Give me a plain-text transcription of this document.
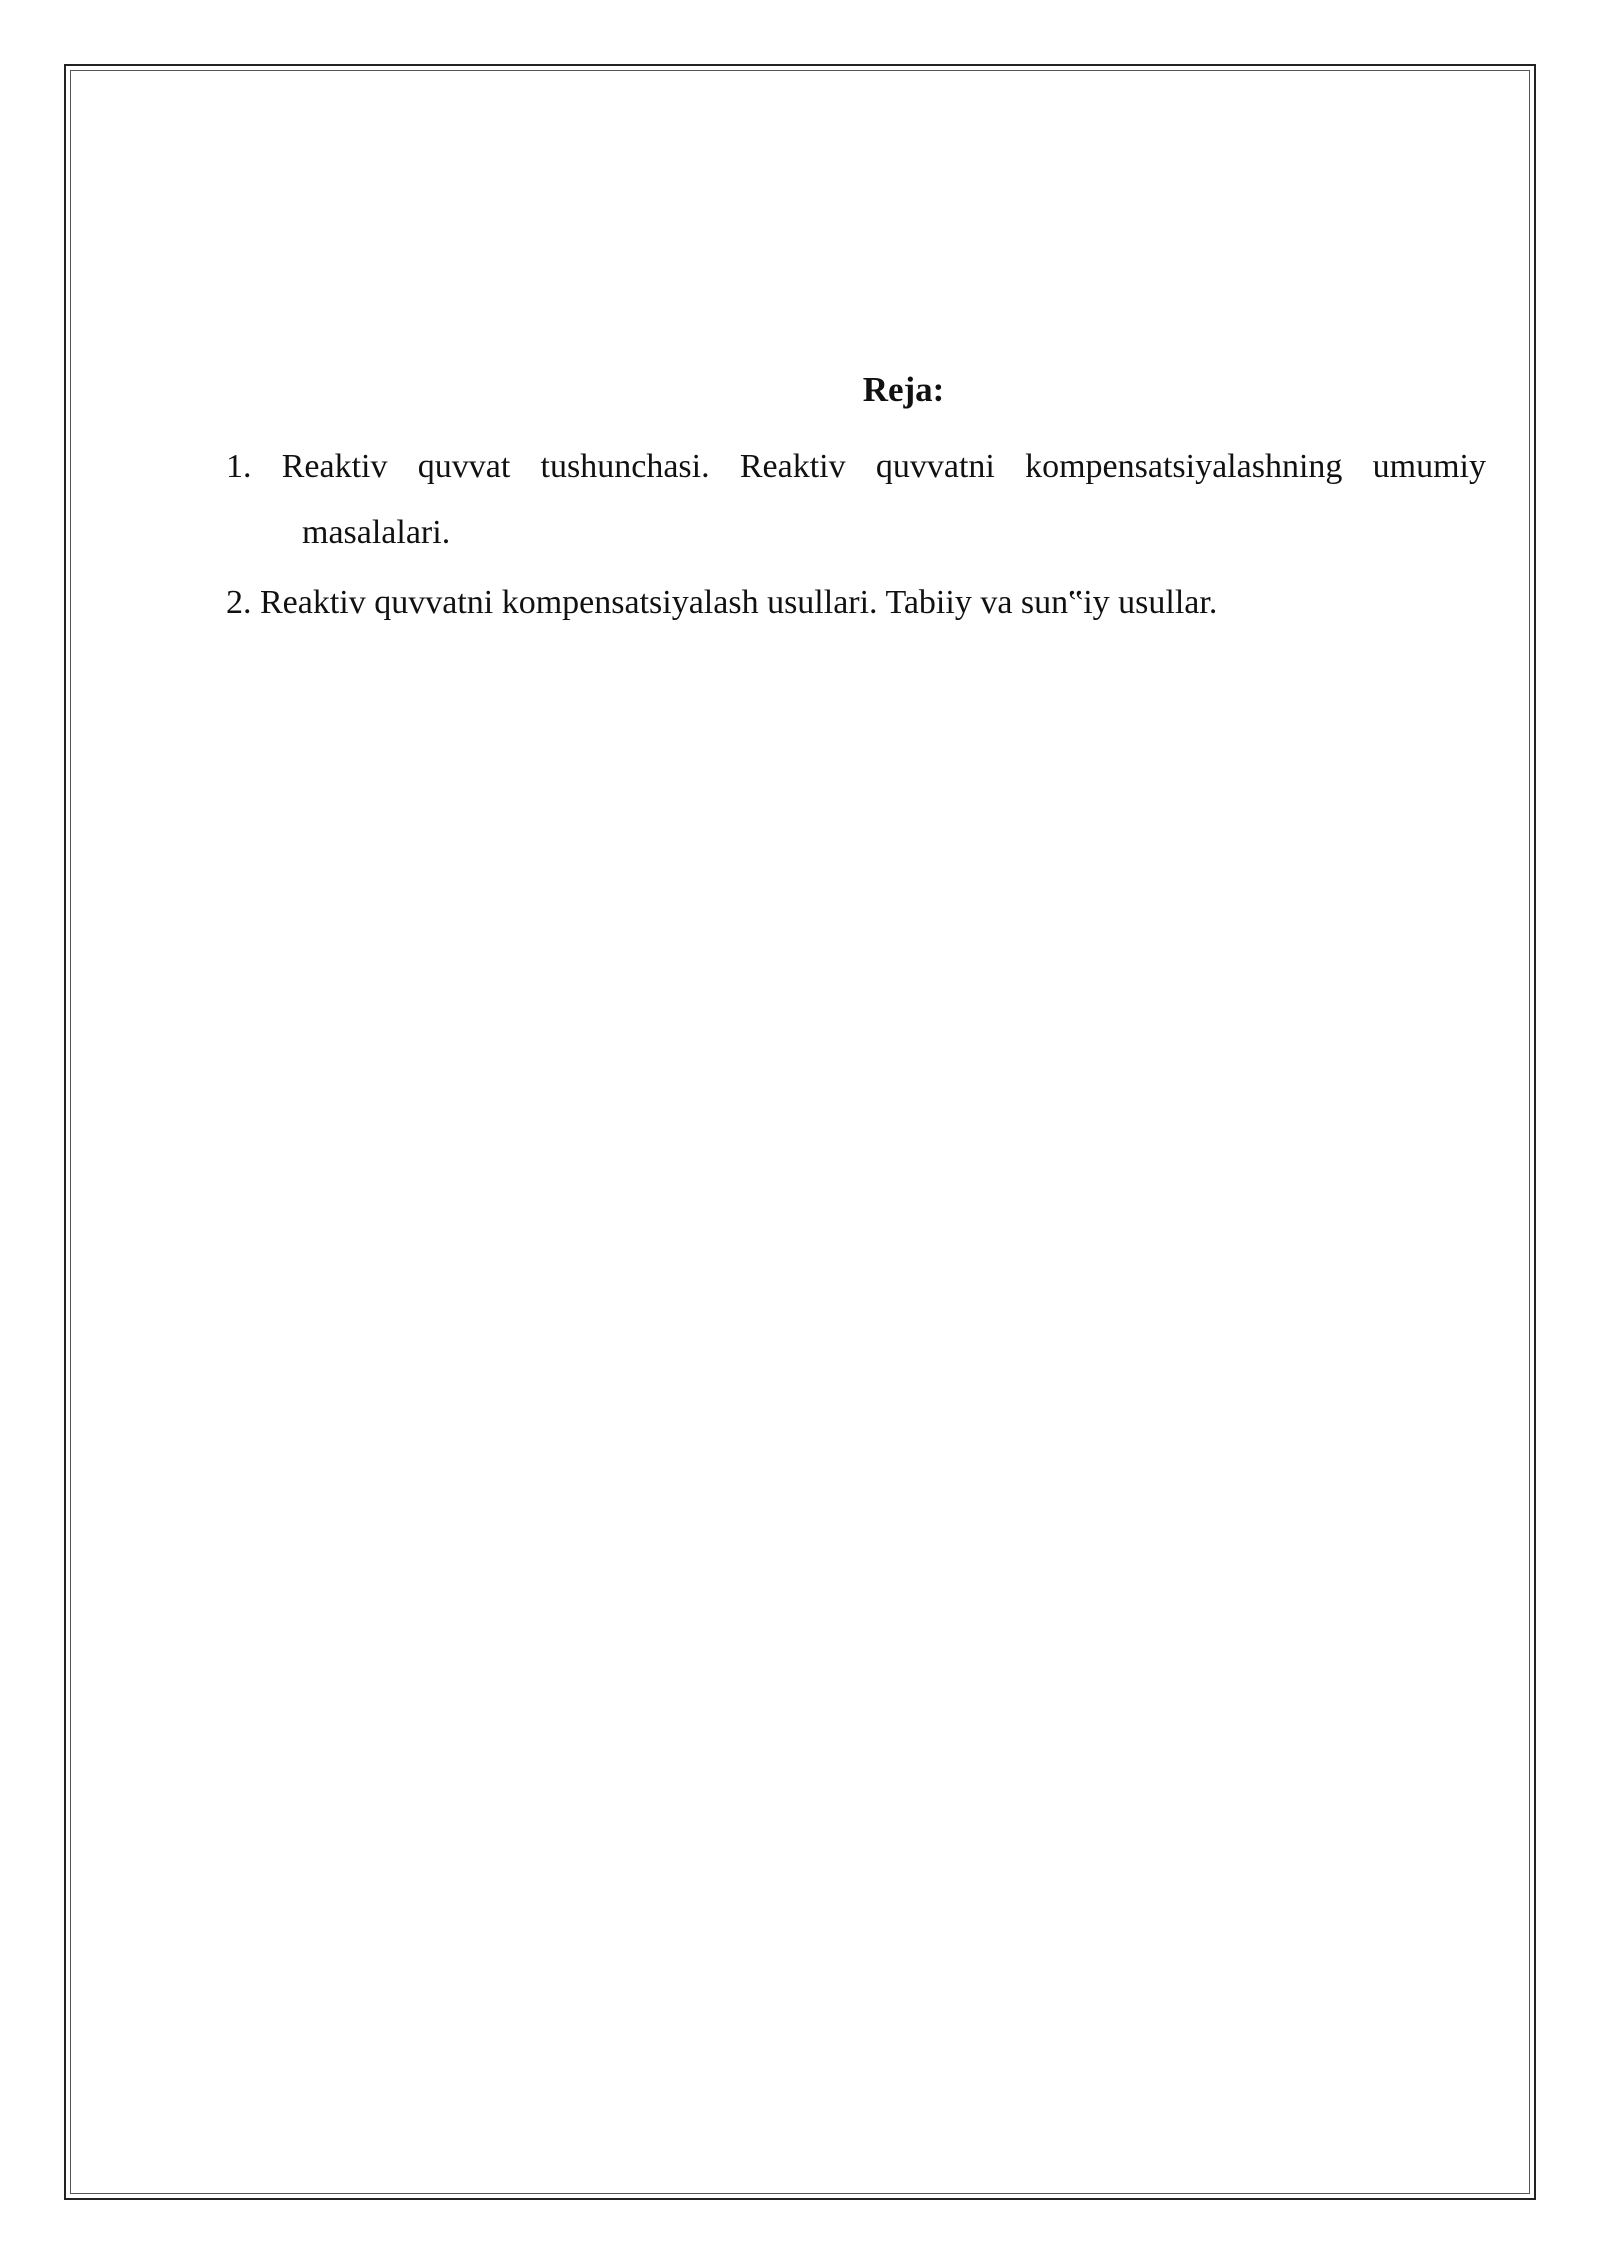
Reja:
1. Reaktiv quvvat tushunchasi. Reaktiv quvvatni kompensatsiyalashning umumiy
masalalari.
2. Reaktiv quvvatni kompensatsiyalash usullari. Tabiiy va sun‟iy usullar.
